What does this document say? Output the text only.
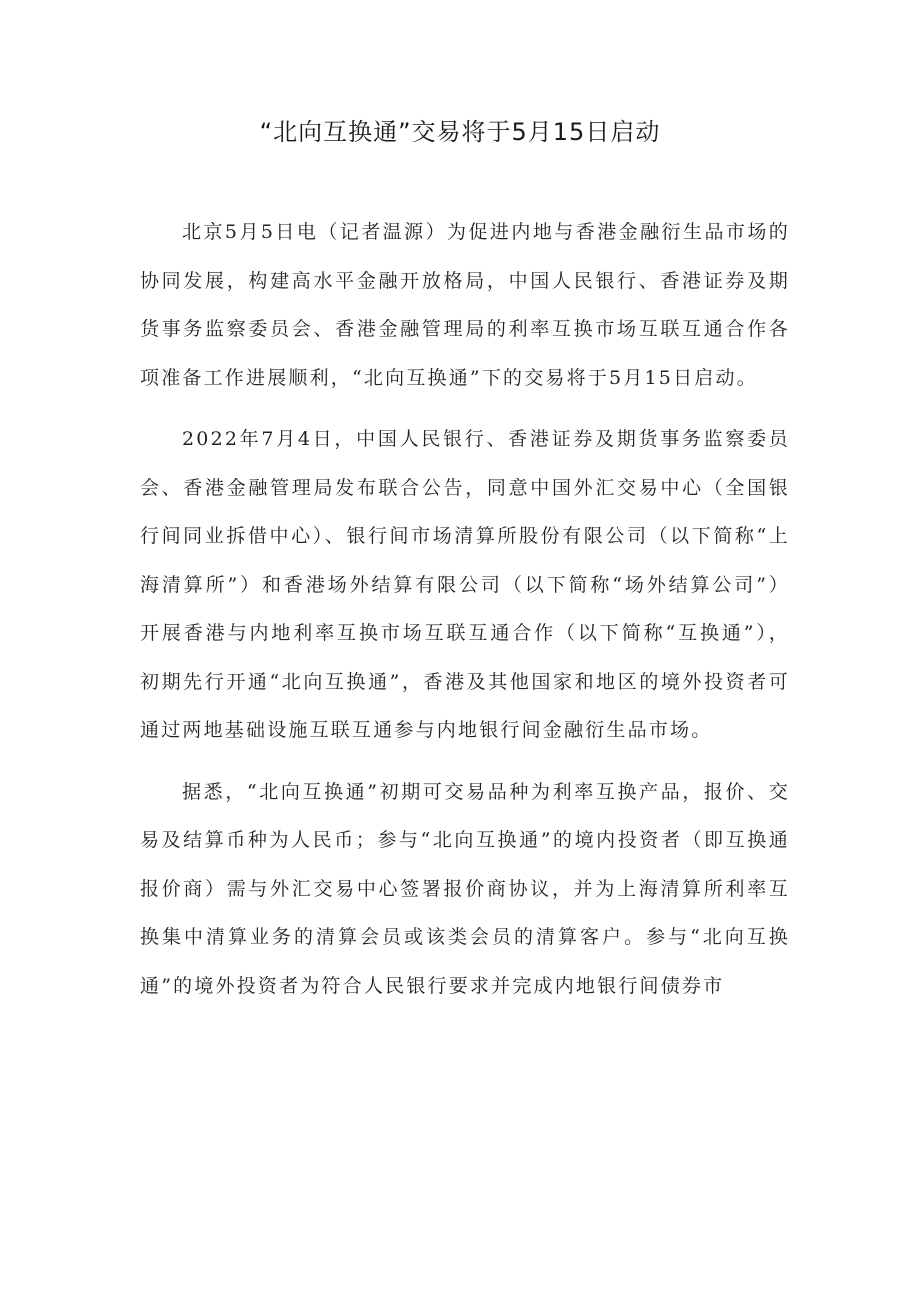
“北向互换通”交易将于5月15日启动

北京5月5日电（记者温源）为促进内地与香港金融衍生品市场的协同发展，构建高水平金融开放格局，中国人民银行、香港证券及期货事务监察委员会、香港金融管理局的利率互换市场互联互通合作各项准备工作进展顺利，“北向互换通”下的交易将于5月15日启动。

2022年7月4日，中国人民银行、香港证券及期货事务监察委员会、香港金融管理局发布联合公告，同意中国外汇交易中心（全国银行间同业拆借中心）、银行间市场清算所股份有限公司（以下简称“上海清算所”）和香港场外结算有限公司（以下简称“场外结算公司”）开展香港与内地利率互换市场互联互通合作（以下简称“互换通”），初期先行开通“北向互换通”，香港及其他国家和地区的境外投资者可通过两地基础设施互联互通参与内地银行间金融衍生品市场。

据悉，“北向互换通”初期可交易品种为利率互换产品，报价、交易及结算币种为人民币；参与“北向互换通”的境内投资者（即互换通报价商）需与外汇交易中心签署报价商协议，并为上海清算所利率互换集中清算业务的清算会员或该类会员的清算客户。参与“北向互换通”的境外投资者为符合人民银行要求并完成内地银行间债券市
